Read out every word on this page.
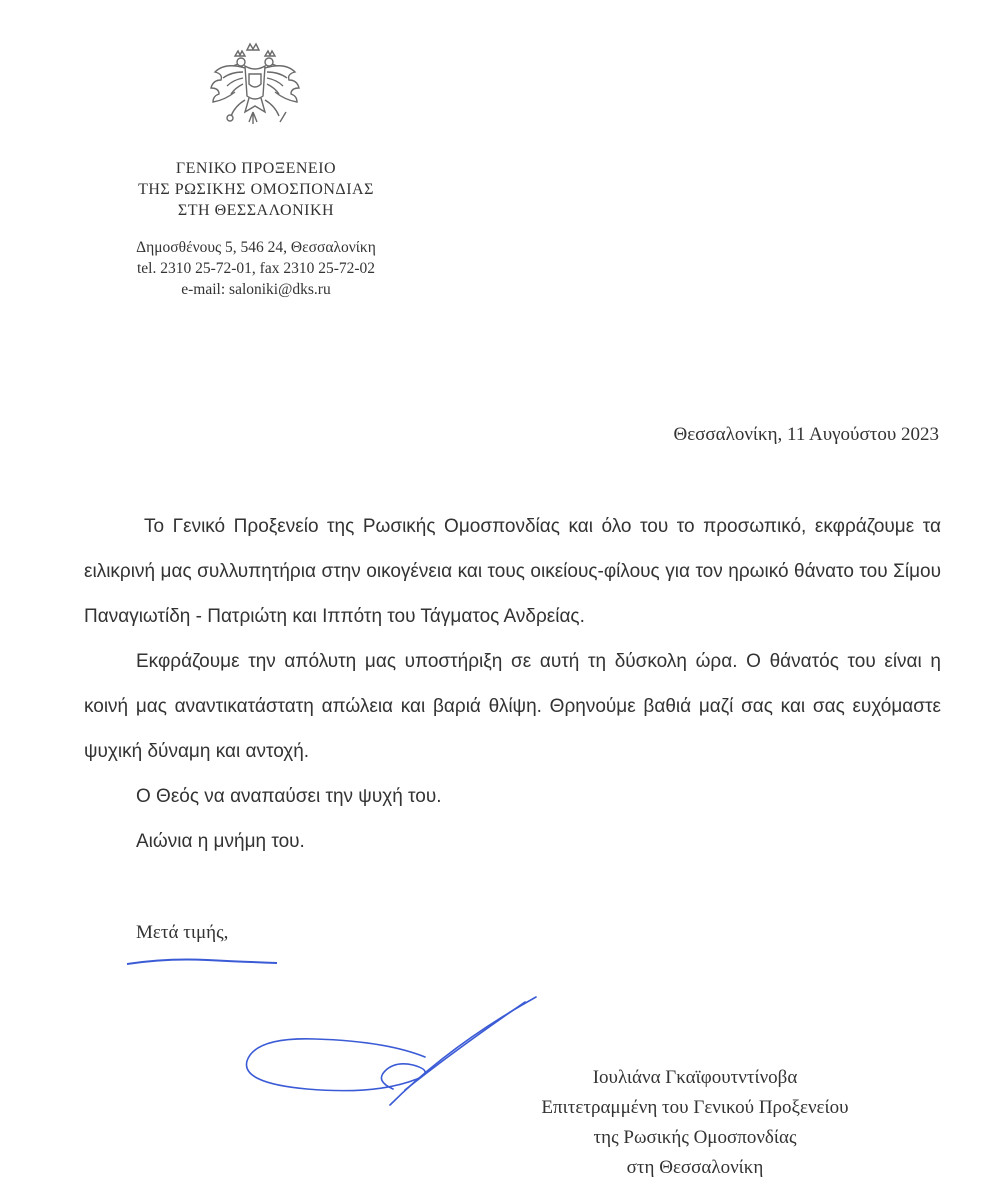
ΓΕΝΙΚΟ ΠΡΟΞΕΝΕΙΟ
ΤΗΣ ΡΩΣΙΚΗΣ ΟΜΟΣΠΟΝΔΙΑΣ
ΣΤΗ ΘΕΣΣΑΛΟΝΙΚΗ
Δημοσθένους 5, 546 24, Θεσσαλονίκη
tel. 2310 25-72-01, fax 2310 25-72-02
e-mail: saloniki@dks.ru
Θεσσαλονίκη, 11 Αυγούστου 2023

Το Γενικό Προξενείο της Ρωσικής Ομοσπονδίας και όλο του το προσωπικό, εκφράζουμε τα ειλικρινή μας συλλυπητήρια στην οικογένεια και τους οικείους-φίλους για τον ηρωικό θάνατο του Σίμου Παναγιωτίδη - Πατριώτη και Ιππότη του Τάγματος Ανδρείας.

Εκφράζουμε την απόλυτη μας υποστήριξη σε αυτή τη δύσκολη ώρα. Ο θάνατός του είναι η κοινή μας αναντικατάστατη απώλεια και βαριά θλίψη. Θρηνούμε βαθιά μαζί σας και σας ευχόμαστε ψυχική δύναμη και αντοχή.

Ο Θεός να αναπαύσει την ψυχή του.

Αιώνια η μνήμη του.

Μετά τιμής,
Ιουλιάνα Γκαϊφουτντίνοβα
Επιτετραμμένη του Γενικού Προξενείου
της Ρωσικής Ομοσπονδίας
στη Θεσσαλονίκη
